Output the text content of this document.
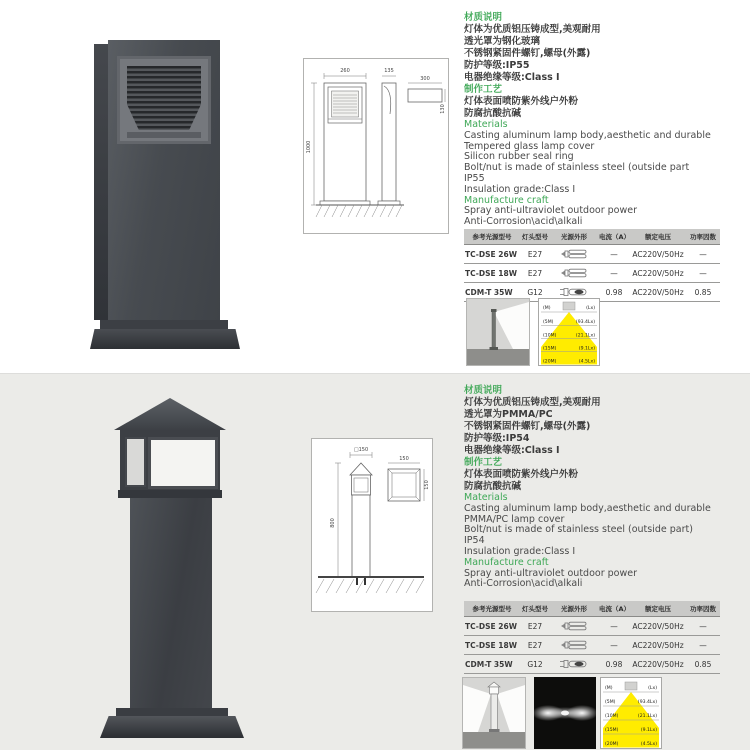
260
1000
135
300
130
材质说明
灯体为优质铝压铸成型,美观耐用
透光罩为钢化玻璃
不锈钢紧固件螺钉,螺母(外露)
防护等级:IP55
电器绝缘等级:Class I
制作工艺
灯体表面喷防紫外线户外粉
防腐抗酸抗碱
Materials
Casting aluminum lamp body,aesthetic and durable
Tempered glass lamp cover
Silicon rubber seal ring
Bolt/nut is made of stainless steel (outside part
IP55
Insulation grade:Class I
Manufacture craft
Spray anti-ultraviolet outdoor power
Anti-Corrosion\acid\alkali
参考光源型号	灯头型号	光源外形	电流（A）	额定电压	功率因数
TC-DSE 26W	E27		—	AC220V/50Hz	—
TC-DSE 18W	E27		—	AC220V/50Hz	—
CDM-T 35W	G12		0.98	AC220V/50Hz	0.85
(M)	(Lx)
(5M)	(93.4Lx)
(10M)	(21.1Lx)
(15M)	(9.1Lx)
(20M)	(4.5Lx)
□150
800
150
150
材质说明
灯体为优质铝压铸成型,美观耐用
透光罩为PMMA/PC
不锈钢紧固件螺钉,螺母(外露)
防护等级:IP54
电器绝缘等级:Class I
制作工艺
灯体表面喷防紫外线户外粉
防腐抗酸抗碱
Materials
Casting aluminum lamp body,aesthetic and durable
PMMA/PC lamp cover
Bolt/nut is made of stainless steel (outside part)
IP54
Insulation grade:Class I
Manufacture craft
Spray anti-ultraviolet outdoor power
Anti-Corrosion\acid\alkali
参考光源型号	灯头型号	光源外形	电流（A）	额定电压	功率因数
TC-DSE 26W	E27		—	AC220V/50Hz	—
TC-DSE 18W	E27		—	AC220V/50Hz	—
CDM-T 35W	G12		0.98	AC220V/50Hz	0.85
(M)	(Lx)
(5M)	(93.4Lx)
(10M)	(21.1Lx)
(15M)	(9.1Lx)
(20M)	(4.5Lx)
